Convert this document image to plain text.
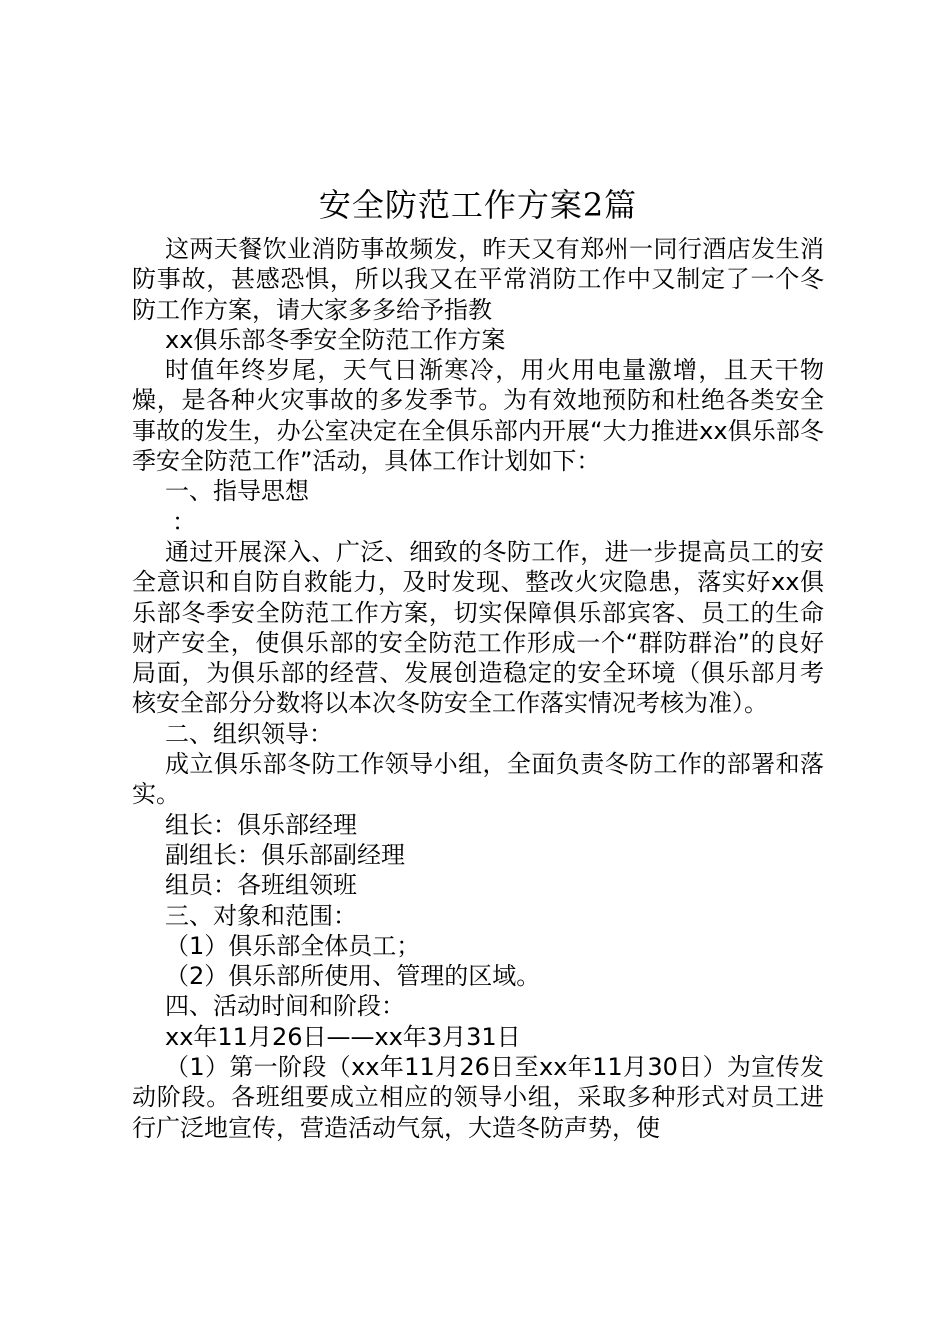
安全防范工作方案2篇

这两天餐饮业消防事故频发，昨天又有郑州一同行酒店发生消防事故，甚感恐惧，所以我又在平常消防工作中又制定了一个冬防工作方案，请大家多多给予指教

xx俱乐部冬季安全防范工作方案

时值年终岁尾，天气日渐寒冷，用火用电量激增，且天干物燥，是各种火灾事故的多发季节。为有效地预防和杜绝各类安全事故的发生，办公室决定在全俱乐部内开展“大力推进xx俱乐部冬季安全防范工作”活动，具体工作计划如下：

一、指导思想
：

通过开展深入、广泛、细致的冬防工作，进一步提高员工的安全意识和自防自救能力，及时发现、整改火灾隐患，落实好xx俱乐部冬季安全防范工作方案，切实保障俱乐部宾客、员工的生命财产安全，使俱乐部的安全防范工作形成一个“群防群治”的良好局面，为俱乐部的经营、发展创造稳定的安全环境（俱乐部月考核安全部分分数将以本次冬防安全工作落实情况考核为准）。

二、组织领导：

成立俱乐部冬防工作领导小组，全面负责冬防工作的部署和落实。

组长：俱乐部经理
副组长：俱乐部副经理
组员：各班组领班
三、对象和范围：
（1）俱乐部全体员工；
（2）俱乐部所使用、管理的区域。
四、活动时间和阶段：
xx年11月26日——xx年3月31日

（1）第一阶段（xx年11月26日至xx年11月30日）为宣传发动阶段。各班组要成立相应的领导小组，采取多种形式对员工进行广泛地宣传，营造活动气氛，大造冬防声势，使
